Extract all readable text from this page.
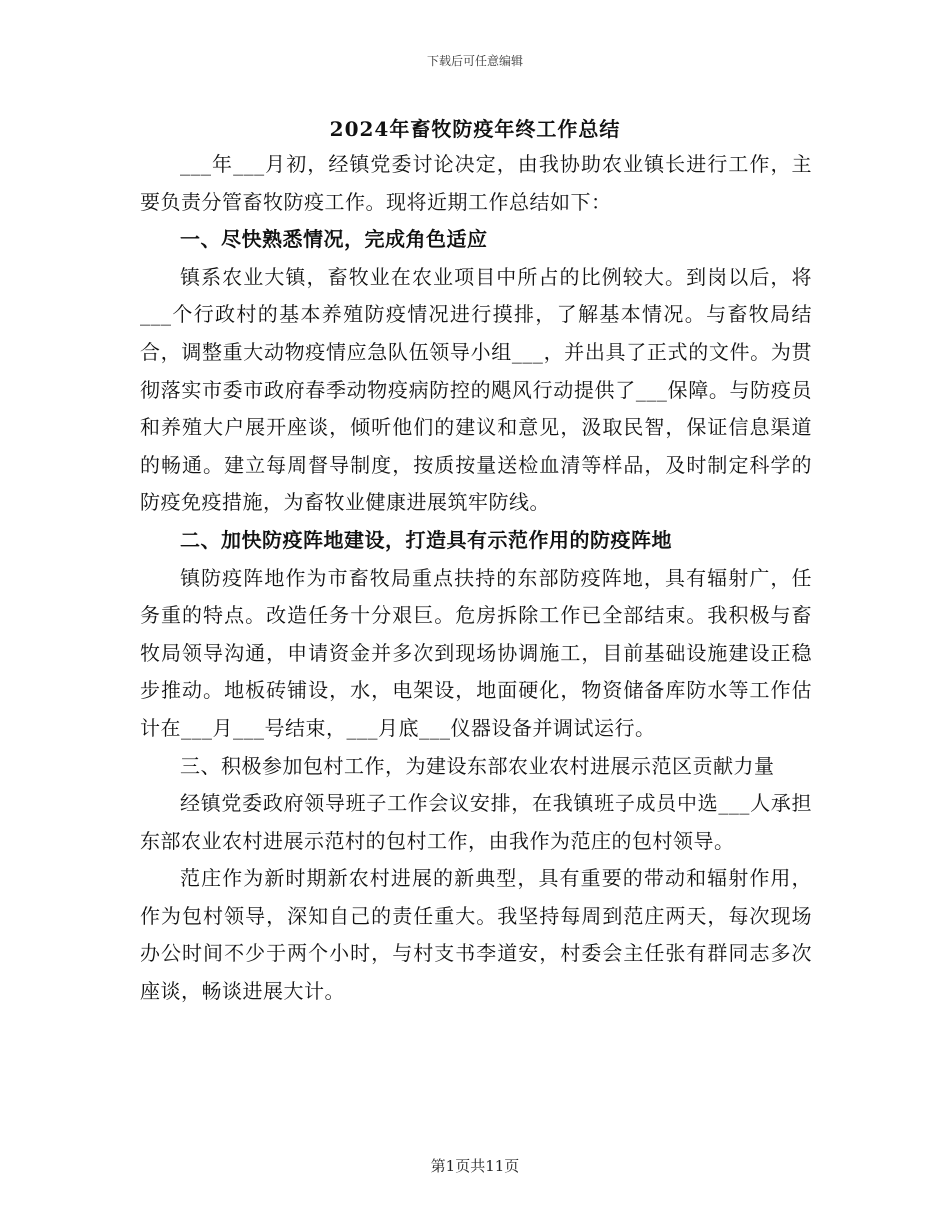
下载后可任意编辑
2024年畜牧防疫年终工作总结

___年___月初，经镇党委讨论决定，由我协助农业镇长进行工作，主要负责分管畜牧防疫工作。现将近期工作总结如下：

一、尽快熟悉情况，完成角色适应

镇系农业大镇，畜牧业在农业项目中所占的比例较大。到岗以后，将___个行政村的基本养殖防疫情况进行摸排，了解基本情况。与畜牧局结合，调整重大动物疫情应急队伍领导小组___，并出具了正式的文件。为贯彻落实市委市政府春季动物疫病防控的飓风行动提供了___保障。与防疫员和养殖大户展开座谈，倾听他们的建议和意见，汲取民智，保证信息渠道的畅通。建立每周督导制度，按质按量送检血清等样品，及时制定科学的防疫免疫措施，为畜牧业健康进展筑牢防线。

二、加快防疫阵地建设，打造具有示范作用的防疫阵地

镇防疫阵地作为市畜牧局重点扶持的东部防疫阵地，具有辐射广，任务重的特点。改造任务十分艰巨。危房拆除工作已全部结束。我积极与畜牧局领导沟通，申请资金并多次到现场协调施工，目前基础设施建设正稳步推动。地板砖铺设，水，电架设，地面硬化，物资储备库防水等工作估计在___月___号结束，___月底___仪器设备并调试运行。

三、积极参加包村工作，为建设东部农业农村进展示范区贡献力量

经镇党委政府领导班子工作会议安排，在我镇班子成员中选___人承担东部农业农村进展示范村的包村工作，由我作为范庄的包村领导。

范庄作为新时期新农村进展的新典型，具有重要的带动和辐射作用，作为包村领导，深知自己的责任重大。我坚持每周到范庄两天，每次现场办公时间不少于两个小时，与村支书李道安，村委会主任张有群同志多次座谈，畅谈进展大计。

第1页共11页
